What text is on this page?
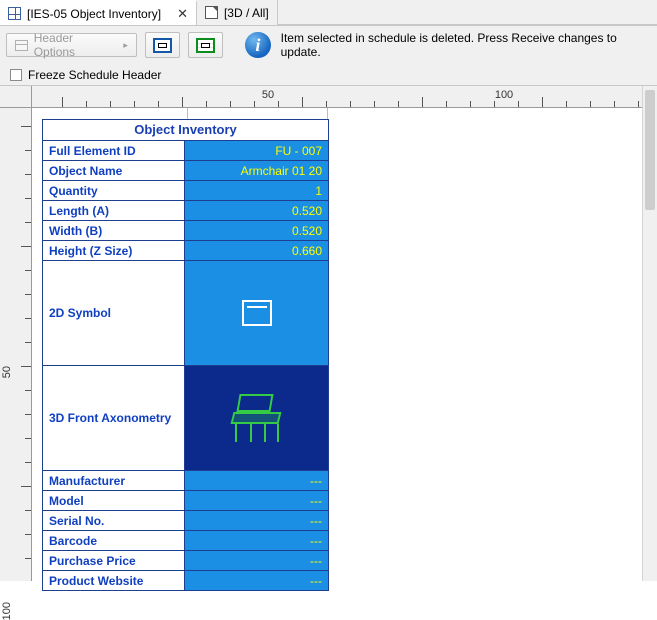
[IES-05 Object Inventory] ✕	[3D / All]
Header Options
▸	i	Item selected in schedule is deleted. Press Receive changes to update.
Freeze Schedule Header
50	100
50
100
Object Inventory
Full Element ID	FU - 007
Object Name	Armchair 01 20
Quantity	1
Length (A)	0.520
Width (B)	0.520
Height (Z Size)	0.660
2D Symbol
3D Front Axonometry
Manufacturer	---
Model	---
Serial No.	---
Barcode	---
Purchase Price	---
Product Website	---
